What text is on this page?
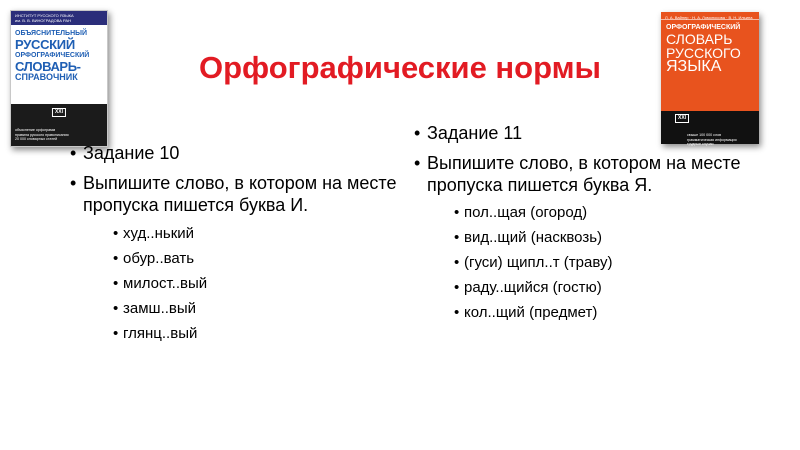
ИНСТИТУТ РУССКОГО ЯЗЫКА
им. В. В. ВИНОГРАДОВА РАН
ОБЪЯСНИТЕЛЬНЫЙ
РУССКИЙ
ОРФОГРАФИЧЕСКИЙ
СЛОВАРЬ-
СПРАВОЧНИК

XXI

объяснение орфограмм
правила русского правописания
20 000 словарных статей

Л. А. Вайнер · Н. А. Ломоносова · В. Н. Ильина
ОРФОГРАФИЧЕСКИЙ
СЛОВАРЬ
РУССКОГО
ЯЗЫКА

XXI

свыше 100 000 слов
грамматическая информация
трудные случаи

Орфографические нормы
• Задание 10
• Выпишите слово, в котором на месте пропуска пишется буква И.
• худ..нький
• обур..вать
• милост..вый
• замш..вый
• глянц..вый
• Задание 11
• Выпишите слово, в котором на месте пропуска пишется буква Я.
• пол..щая (огород)
• вид..щий (насквозь)
• (гуси) щипл..т (траву)
• раду..щийся (гостю)
• кол..щий (предмет)
